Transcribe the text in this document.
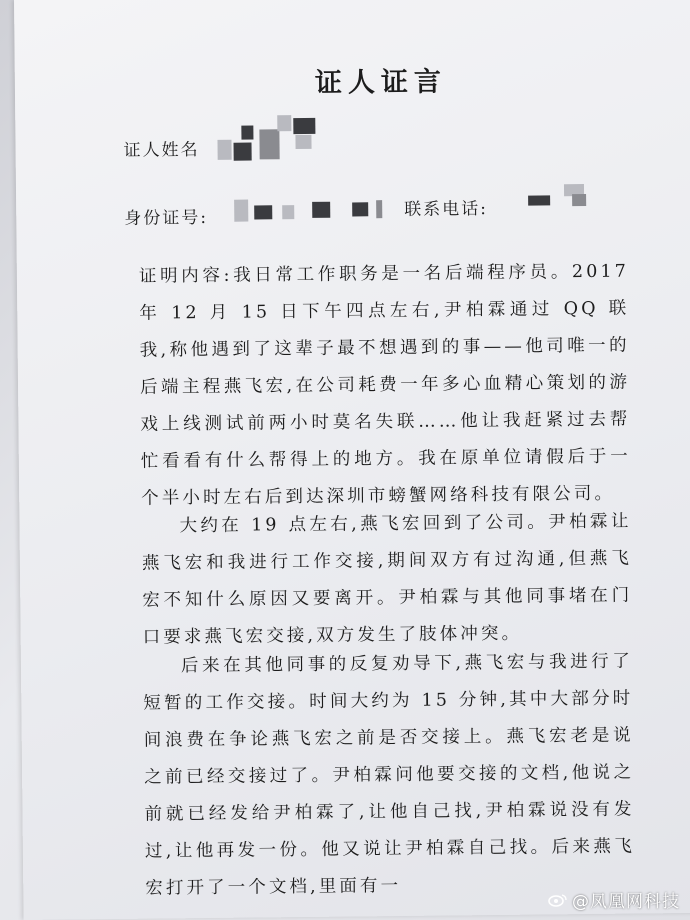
证人证言
证人姓名
身份证号:	联系电话:
证明内容:我日常工作职务是一名后端程序员。2017 年 12 月 15 日下午四点左右,尹柏霖通过 QQ 联我,称他遇到了这辈子最不想遇到的事——他司唯一的后端主程燕飞宏,在公司耗费一年多心血精心策划的游戏上线测试前两小时莫名失联……他让我赶紧过去帮忙看看有什么帮得上的地方。我在原单位请假后于一个半小时左右后到达深圳市螃蟹网络科技有限公司。
大约在 19 点左右,燕飞宏回到了公司。尹柏霖让燕飞宏和我进行工作交接,期间双方有过沟通,但燕飞宏不知什么原因又要离开。尹柏霖与其他同事堵在门口要求燕飞宏交接,双方发生了肢体冲突。
后来在其他同事的反复劝导下,燕飞宏与我进行了短暂的工作交接。时间大约为 15 分钟,其中大部分时间浪费在争论燕飞宏之前是否交接上。燕飞宏老是说之前已经交接过了。尹柏霖问他要交接的文档,他说之前就已经发给尹柏霖了,让他自己找,尹柏霖说没有发过,让他再发一份。他又说让尹柏霖自己找。后来燕飞宏打开了一个文档,里面有一
@凤凰网科技
